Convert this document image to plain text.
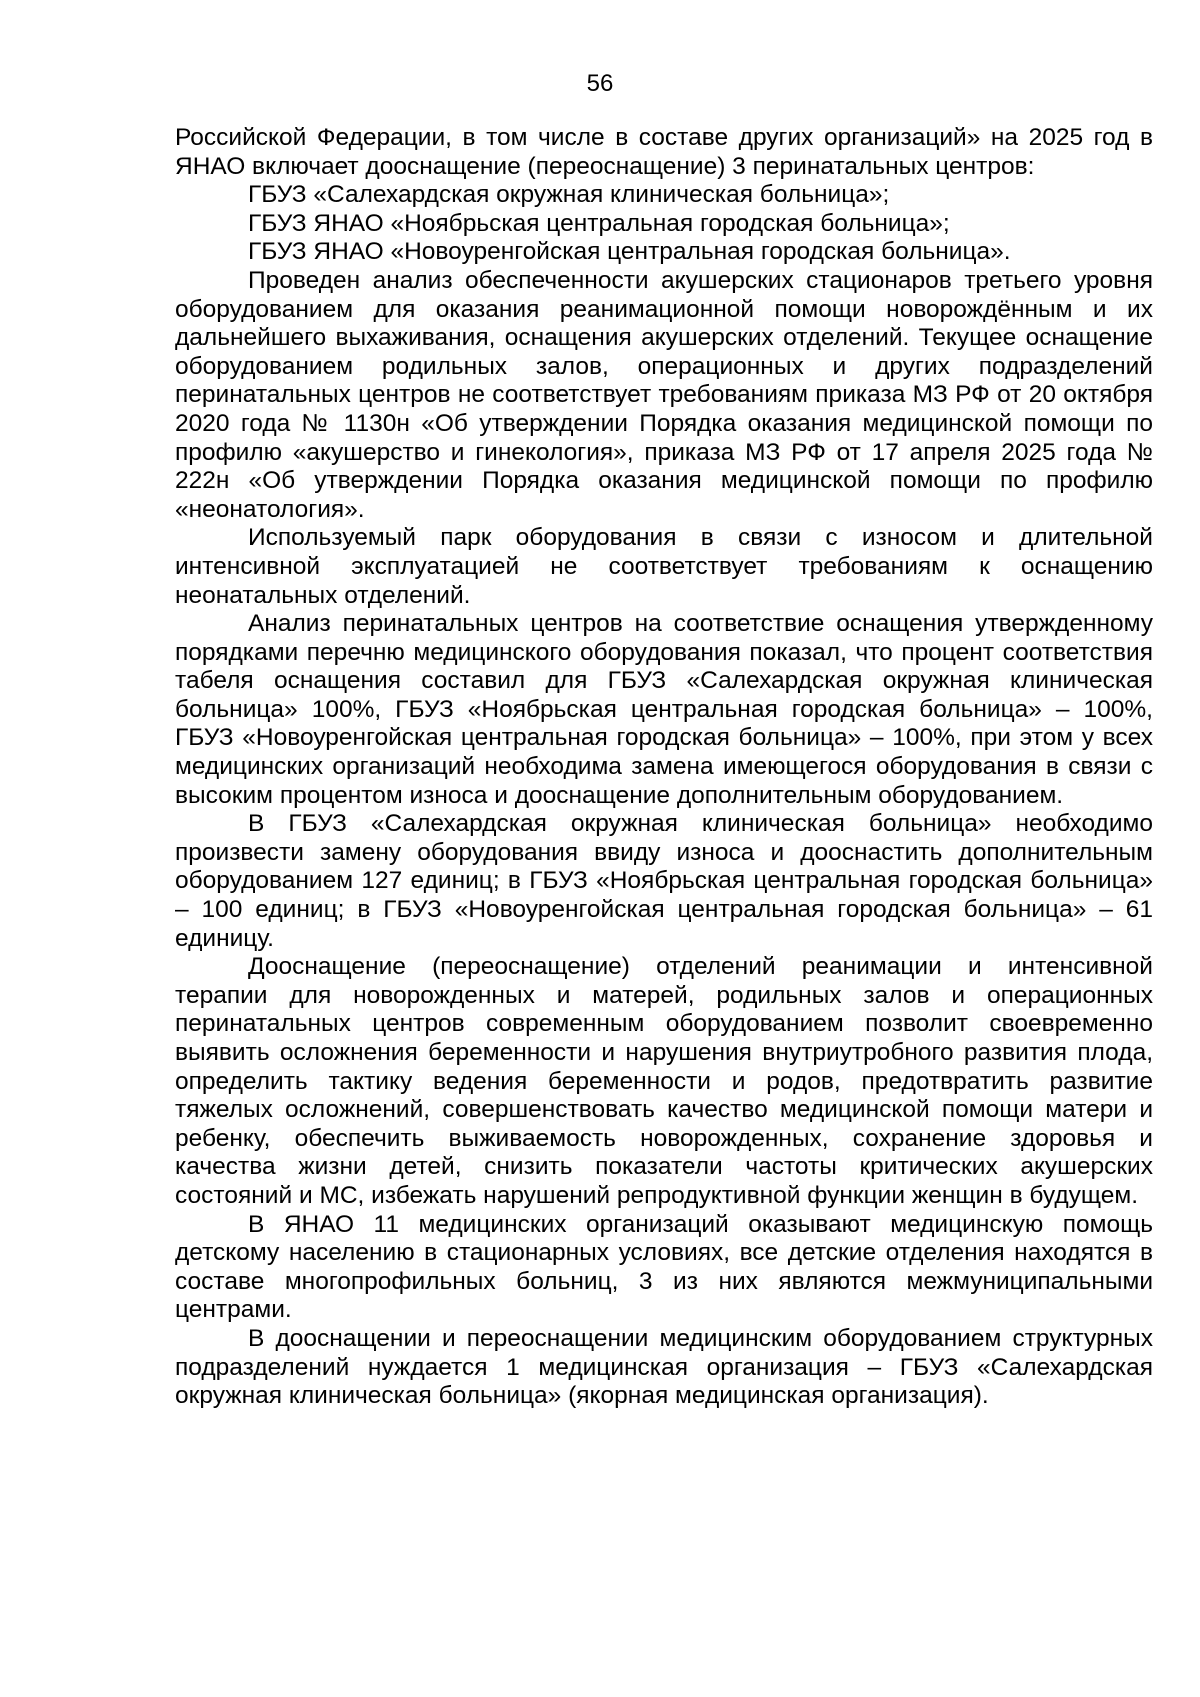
56

Российской Федерации, в том числе в составе других организаций» на 2025 год в ЯНАО включает дооснащение (переоснащение) 3 перинатальных центров:

ГБУЗ «Салехардская окружная клиническая больница»;

ГБУЗ ЯНАО «Ноябрьская центральная городская больница»;

ГБУЗ ЯНАО «Новоуренгойская центральная городская больница».

Проведен анализ обеспеченности акушерских стационаров третьего уровня оборудованием для оказания реанимационной помощи новорождённым и их дальнейшего выхаживания, оснащения акушерских отделений. Текущее оснащение оборудованием родильных залов, операционных и других подразделений перинатальных центров не соответствует требованиям приказа МЗ РФ от 20 октября 2020 года № 1130н «Об утверждении Порядка оказания медицинской помощи по профилю «акушерство и гинекология», приказа МЗ РФ от 17 апреля 2025 года № 222н «Об утверждении Порядка оказания медицинской помощи по профилю «неонатология».

Используемый парк оборудования в связи с износом и длительной интенсивной эксплуатацией не соответствует требованиям к оснащению неонатальных отделений.

Анализ перинатальных центров на соответствие оснащения утвержденному порядками перечню медицинского оборудования показал, что процент соответствия табеля оснащения составил для ГБУЗ «Салехардская окружная клиническая больница» 100%, ГБУЗ «Ноябрьская центральная городская больница» – 100%, ГБУЗ «Новоуренгойская центральная городская больница» – 100%, при этом у всех медицинских организаций необходима замена имеющегося оборудования в связи с высоким процентом износа и дооснащение дополнительным оборудованием.

В ГБУЗ «Салехардская окружная клиническая больница» необходимо произвести замену оборудования ввиду износа и дооснастить дополнительным оборудованием 127 единиц; в ГБУЗ «Ноябрьская центральная городская больница» – 100 единиц; в ГБУЗ «Новоуренгойская центральная городская больница» – 61 единицу.

Дооснащение (переоснащение) отделений реанимации и интенсивной терапии для новорожденных и матерей, родильных залов и операционных перинатальных центров современным оборудованием позволит своевременно выявить осложнения беременности и нарушения внутриутробного развития плода, определить тактику ведения беременности и родов, предотвратить развитие тяжелых осложнений, совершенствовать качество медицинской помощи матери и ребенку, обеспечить выживаемость новорожденных, сохранение здоровья и качества жизни детей, снизить показатели частоты критических акушерских состояний и МС, избежать нарушений репродуктивной функции женщин в будущем.

В ЯНАО 11 медицинских организаций оказывают медицинскую помощь детскому населению в стационарных условиях, все детские отделения находятся в составе многопрофильных больниц, 3 из них являются межмуниципальными центрами.

В дооснащении и переоснащении медицинским оборудованием структурных подразделений нуждается 1 медицинская организация – ГБУЗ «Салехардская окружная клиническая больница» (якорная медицинская организация).
